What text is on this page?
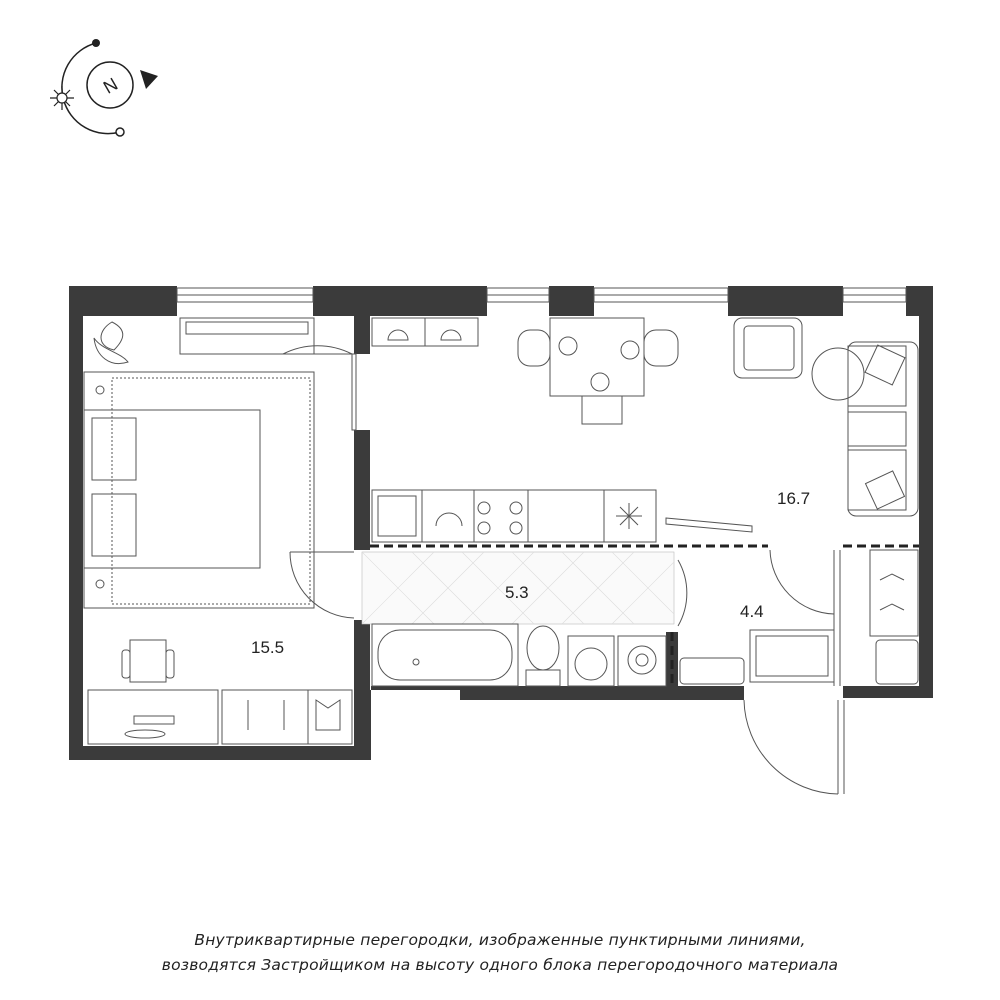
N
15.5
16.7
5.3
4.4
Внутриквартирные перегородки, изображенные пунктирными линиями,
возводятся Застройщиком на высоту одного блока перегородочного материала
